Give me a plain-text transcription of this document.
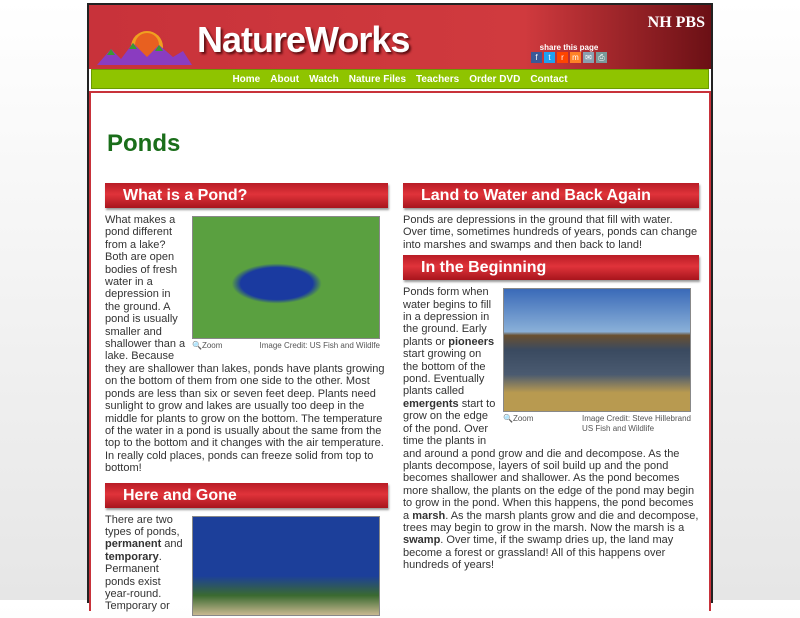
NatureWorks	NH PBS
share this page
f t r m ✉ ⎙
Home About Watch Nature Files Teachers Order DVD Contact
Ponds
What is a Pond?
🔍Zoom	Image Credit: US Fish and Wildlfe

What makes a pond different from a lake? Both are open bodies of fresh water in a depression in the ground. A pond is usually smaller and shallower than a lake. Because they are shallower than lakes, ponds have plants growing on the bottom of them from one side to the other. Most ponds are less than six or seven feet deep. Plants need sunlight to grow and lakes are usually too deep in the middle for plants to grow on the bottom. The temperature of the water in a pond is usually about the same from the top to the bottom and it changes with the air temperature. In really cold places, ponds can freeze solid from top to bottom!

Here and Gone

There are two types of ponds, permanent and temporary. Permanent ponds exist year-round. Temporary or

Land to Water and Back Again

Ponds are depressions in the ground that fill with water. Over time, sometimes hundreds of years, ponds can change into marshes and swamps and then back to land!

In the Beginning
🔍Zoom	Image Credit: Steve Hillebrand
US Fish and Wildlife

Ponds form when water begins to fill in a depression in the ground. Early plants or pioneers start growing on the bottom of the pond. Eventually plants called emergents start to grow on the edge of the pond. Over time the plants in and around a pond grow and die and decompose. As the plants decompose, layers of soil build up and the pond becomes shallower and shallower. As the pond becomes more shallow, the plants on the edge of the pond may begin to grow in the pond. When this happens, the pond becomes a marsh. As the marsh plants grow and die and decompose, trees may begin to grow in the marsh. Now the marsh is a swamp. Over time, if the swamp dries up, the land may become a forest or grassland! All of this happens over hundreds of years!
